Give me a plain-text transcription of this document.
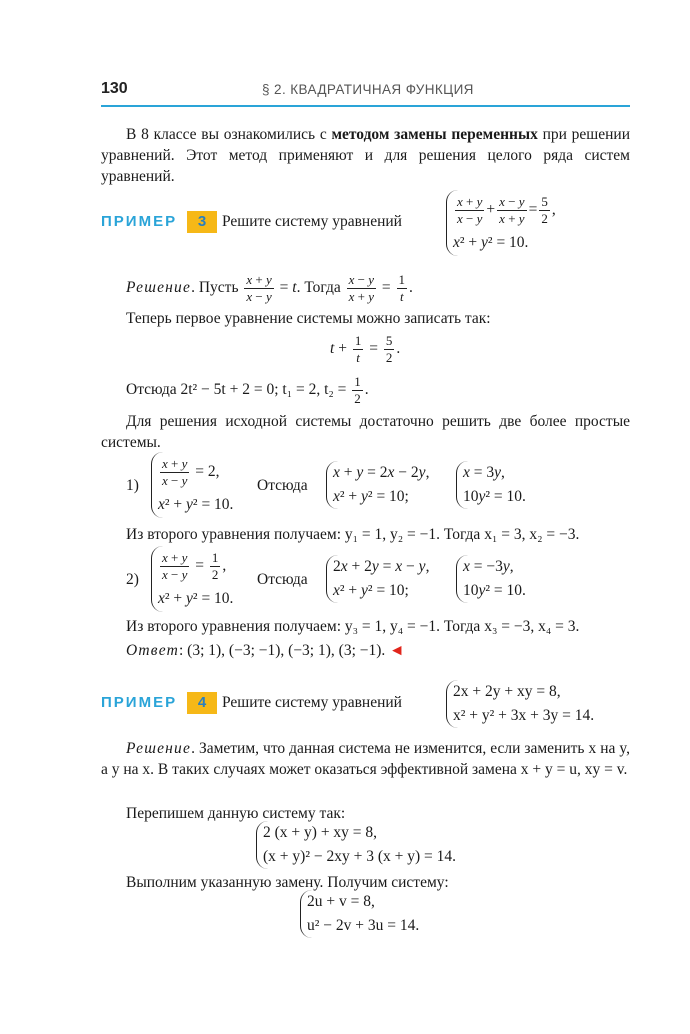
130	§ 2. КВАДРАТИЧНАЯ ФУНКЦИЯ
В 8 классе вы ознакомились с методом замены переменных при решении уравнений. Этот метод применяют и для решения целого ряда систем уравнений.
ПРИМЕР	3	Решите систему уравнений	$\frac{x + y}{x - y} + \frac{x - y}{x + y} = \frac{5}{2}$ ,
x² + y² = 10.
Решение. Пусть $\frac{x + y}{x - y} = t$. Тогда $\frac{x - y}{x + y} = \frac{1}{t}$ .
Теперь первое уравнение системы можно записать так:
$t + \frac{1}{t} = \frac{5}{2}$ .
Отсюда 2t² − 5t + 2 = 0; t₁ = 2, $t_2 = \frac{1}{2}$ .
Для решения исходной системы достаточно решить две более простые системы.
$1) \frac{x + y}{x - y} = 2$,
x² + y² = 10.
Отсюда
x + y = 2x − 2y,
x² + y² = 10;
x = 3y,
10y² = 10.
Из второго уравнения получаем: y₁ = 1, y₂ = −1. Тогда x₁ = 3, x₂ = −3.
$2) \frac{x + y}{x - y} = \frac{1}{2}$ ,
x² + y² = 10.
Отсюда
2x + 2y = x − y,
x² + y² = 10;
x = −3y,
10y² = 10.
Из второго уравнения получаем: y₃ = 1, y₄ = −1. Тогда x₃ = −3, x₄ = 3.
Ответ: (3; 1), (−3; −1), (−3; 1), (3; −1). ◄
ПРИМЕР	4	Решите систему уравнений
2x + 2y + xy = 8,
x² + y² + 3x + 3y = 14.
Решение. Заметим, что данная система не изменится, если заменить x на y, а y на x. В таких случаях может оказаться эффективной замена x + y = u, xy = v.
Перепишем данную систему так:
2 (x + y) + xy = 8,
(x + y)² − 2xy + 3 (x + y) = 14.
Выполним указанную замену. Получим систему:
2u + v = 8,
u² − 2v + 3u = 14.
